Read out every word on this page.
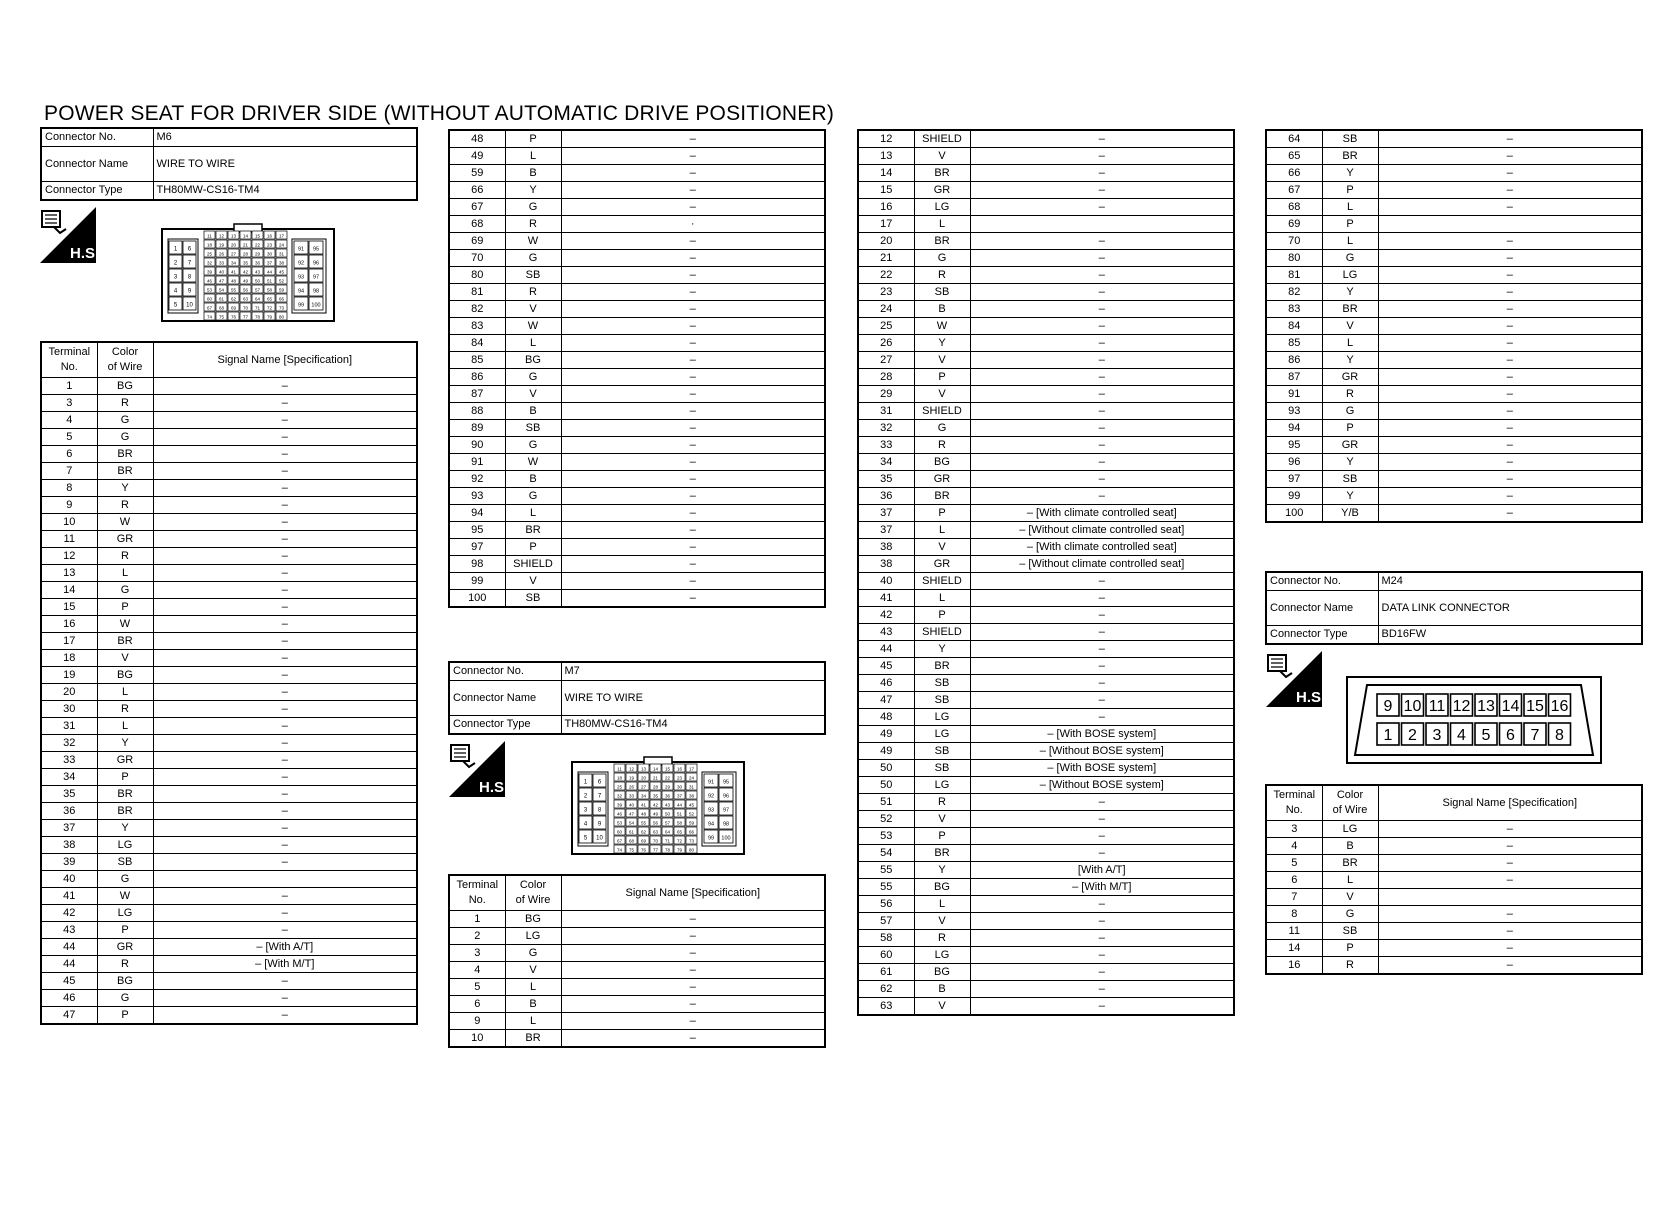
POWER SEAT FOR DRIVER SIDE (WITHOUT AUTOMATIC DRIVE POSITIONER)
Connector No.	M6
Connector Name	WIRE TO WIRE
Connector Type	TH80MW-CS16-TM4
H.S.	1 6
2 7
3 8
4 9
5 10
11 12 13 14 15 16 17
18 19 20 21 22 23 24
25 26 27 28 29 30 31
32 33 34 35 36 37 38
39 40 41 42 43 44 45
46 47 48 49 50 51 52
53 54 55 56 57 58 59
60 61 62 63 64 65 66
67 68 69 70 71 72 73
74 75 76 77 78 79 80
91 95
92 96
93 97
94 98
99 100
Terminal
No.	Color
of Wire	Signal Name [Specification]
1	BG	–
3	R	–
4	G	–
5	G	–
6	BR	–
7	BR	–
8	Y	–
9	R	–
10	W	–
11	GR	–
12	R	–
13	L	–
14	G	–
15	P	–
16	W	–
17	BR	–
18	V	–
19	BG	–
20	L	–
30	R	–
31	L	–
32	Y	–
33	GR	–
34	P	–
35	BR	–
36	BR	–
37	Y	–
38	LG	–
39	SB	–
40	G	
41	W	–
42	LG	–
43	P	–
44	GR	– [With A/T]
44	R	– [With M/T]
45	BG	–
46	G	–
47	P	–
48	P	–
49	L	–
59	B	–
66	Y	–
67	G	–
68	R	·
69	W	–
70	G	–
80	SB	–
81	R	–
82	V	–
83	W	–
84	L	–
85	BG	–
86	G	–
87	V	–
88	B	–
89	SB	–
90	G	–
91	W	–
92	B	–
93	G	–
94	L	–
95	BR	–
97	P	–
98	SHIELD	–
99	V	–
100	SB	–
Connector No.	M7
Connector Name	WIRE TO WIRE
Connector Type	TH80MW-CS16-TM4
H.S.	1 6
2 7
3 8
4 9
5 10
11 12 13 14 15 16 17
18 19 20 21 22 23 24
25 26 27 28 29 30 31
32 33 34 35 36 37 38
39 40 41 42 43 44 45
46 47 48 49 50 51 52
53 54 55 56 57 58 59
60 61 62 63 64 65 66
67 68 69 70 71 72 73
74 75 76 77 78 79 80
91 95
92 96
93 97
94 98
99 100
Terminal
No.	Color
of Wire	Signal Name [Specification]
1	BG	–
2	LG	–
3	G	–
4	V	–
5	L	–
6	B	–
9	L	–
10	BR	–
12	SHIELD	–
13	V	–
14	BR	–
15	GR	–
16	LG	–
17	L	
20	BR	–
21	G	–
22	R	–
23	SB	–
24	B	–
25	W	–
26	Y	–
27	V	–
28	P	–
29	V	–
31	SHIELD	–
32	G	–
33	R	–
34	BG	–
35	GR	–
36	BR	–
37	P	– [With climate controlled seat]
37	L	– [Without climate controlled seat]
38	V	– [With climate controlled seat]
38	GR	– [Without climate controlled seat]
40	SHIELD	–
41	L	–
42	P	–
43	SHIELD	–
44	Y	–
45	BR	–
46	SB	–
47	SB	–
48	LG	–
49	LG	– [With BOSE system]
49	SB	– [Without BOSE system]
50	SB	– [With BOSE system]
50	LG	– [Without BOSE system]
51	R	–
52	V	–
53	P	–
54	BR	–
55	Y	[With A/T]
55	BG	– [With M/T]
56	L	–
57	V	–
58	R	–
60	LG	–
61	BG	–
62	B	–
63	V	–
64	SB	–
65	BR	–
66	Y	–
67	P	–
68	L	–
69	P	
70	L	–
80	G	–
81	LG	–
82	Y	–
83	BR	–
84	V	–
85	L	–
86	Y	–
87	GR	–
91	R	–
93	G	–
94	P	–
95	GR	–
96	Y	–
97	SB	–
99	Y	–
100	Y/B	–
Connector No.	M24
Connector Name	DATA LINK CONNECTOR
Connector Type	BD16FW
H.S.
9 10 11 12 13 14 15 16
1 2 3 4 5 6 7 8
Terminal
No.	Color
of Wire	Signal Name [Specification]
3	LG	–
4	B	–
5	BR	–
6	L	–
7	V	
8	G	–
11	SB	–
14	P	–
16	R	–
